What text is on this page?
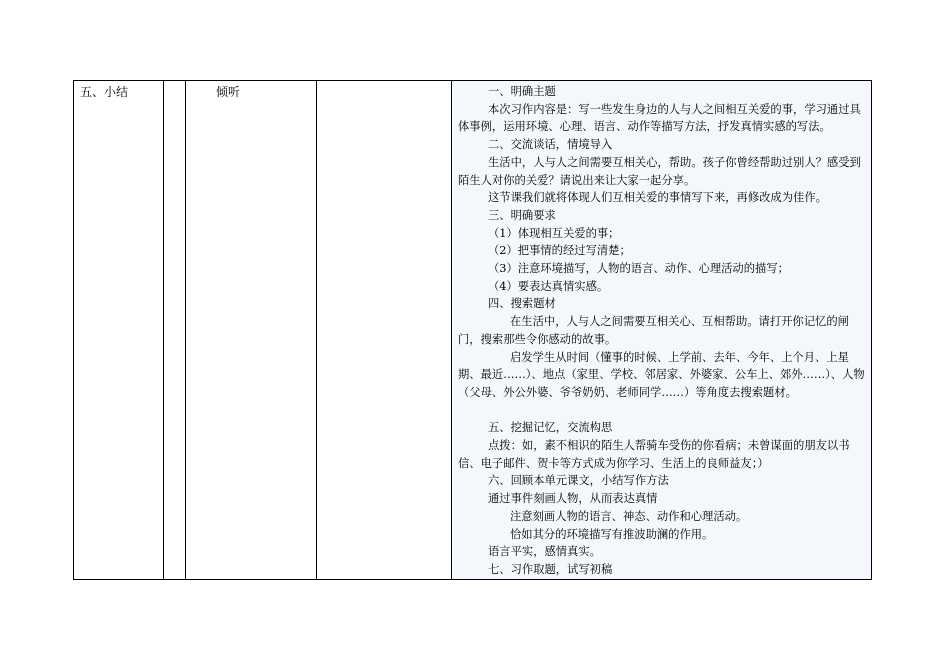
五、小结		倾听		一、明确主题

本次习作内容是：写一些发生身边的人与人之间相互关爱的事，学习通过具体事例，运用环境、心理、语言、动作等描写方法，抒发真情实感的写法。

二、交流谈话，情境导入

生活中，人与人之间需要互相关心，帮助。孩子你曾经帮助过别人？感受到陌生人对你的关爱？请说出来让大家一起分享。

这节课我们就将体现人们互相关爱的事情写下来，再修改成为佳作。

三、明确要求

（1）体现相互关爱的事；

（2）把事情的经过写清楚；

（3）注意环境描写，人物的语言、动作、心理活动的描写；

（4）要表达真情实感。

四、搜索题材

在生活中，人与人之间需要互相关心、互相帮助。请打开你记忆的闸门，搜索那些令你感动的故事。

启发学生从时间（懂事的时候、上学前、去年、今年、上个月、上星期、最近……）、地点（家里、学校、邻居家、外婆家、公车上、郊外……）、人物（父母、外公外婆、爷爷奶奶、老师同学……）等角度去搜索题材。

五、挖掘记忆，交流构思

点拨：如，素不相识的陌生人帮骑车受伤的你看病；未曾谋面的朋友以书信、电子邮件、贺卡等方式成为你学习、生活上的良师益友；）

六、回顾本单元课文，小结写作方法

通过事件刻画人物，从而表达真情

注意刻画人物的语言、神态、动作和心理活动。

恰如其分的环境描写有推波助澜的作用。

语言平实，感情真实。

七、习作取题，试写初稿
